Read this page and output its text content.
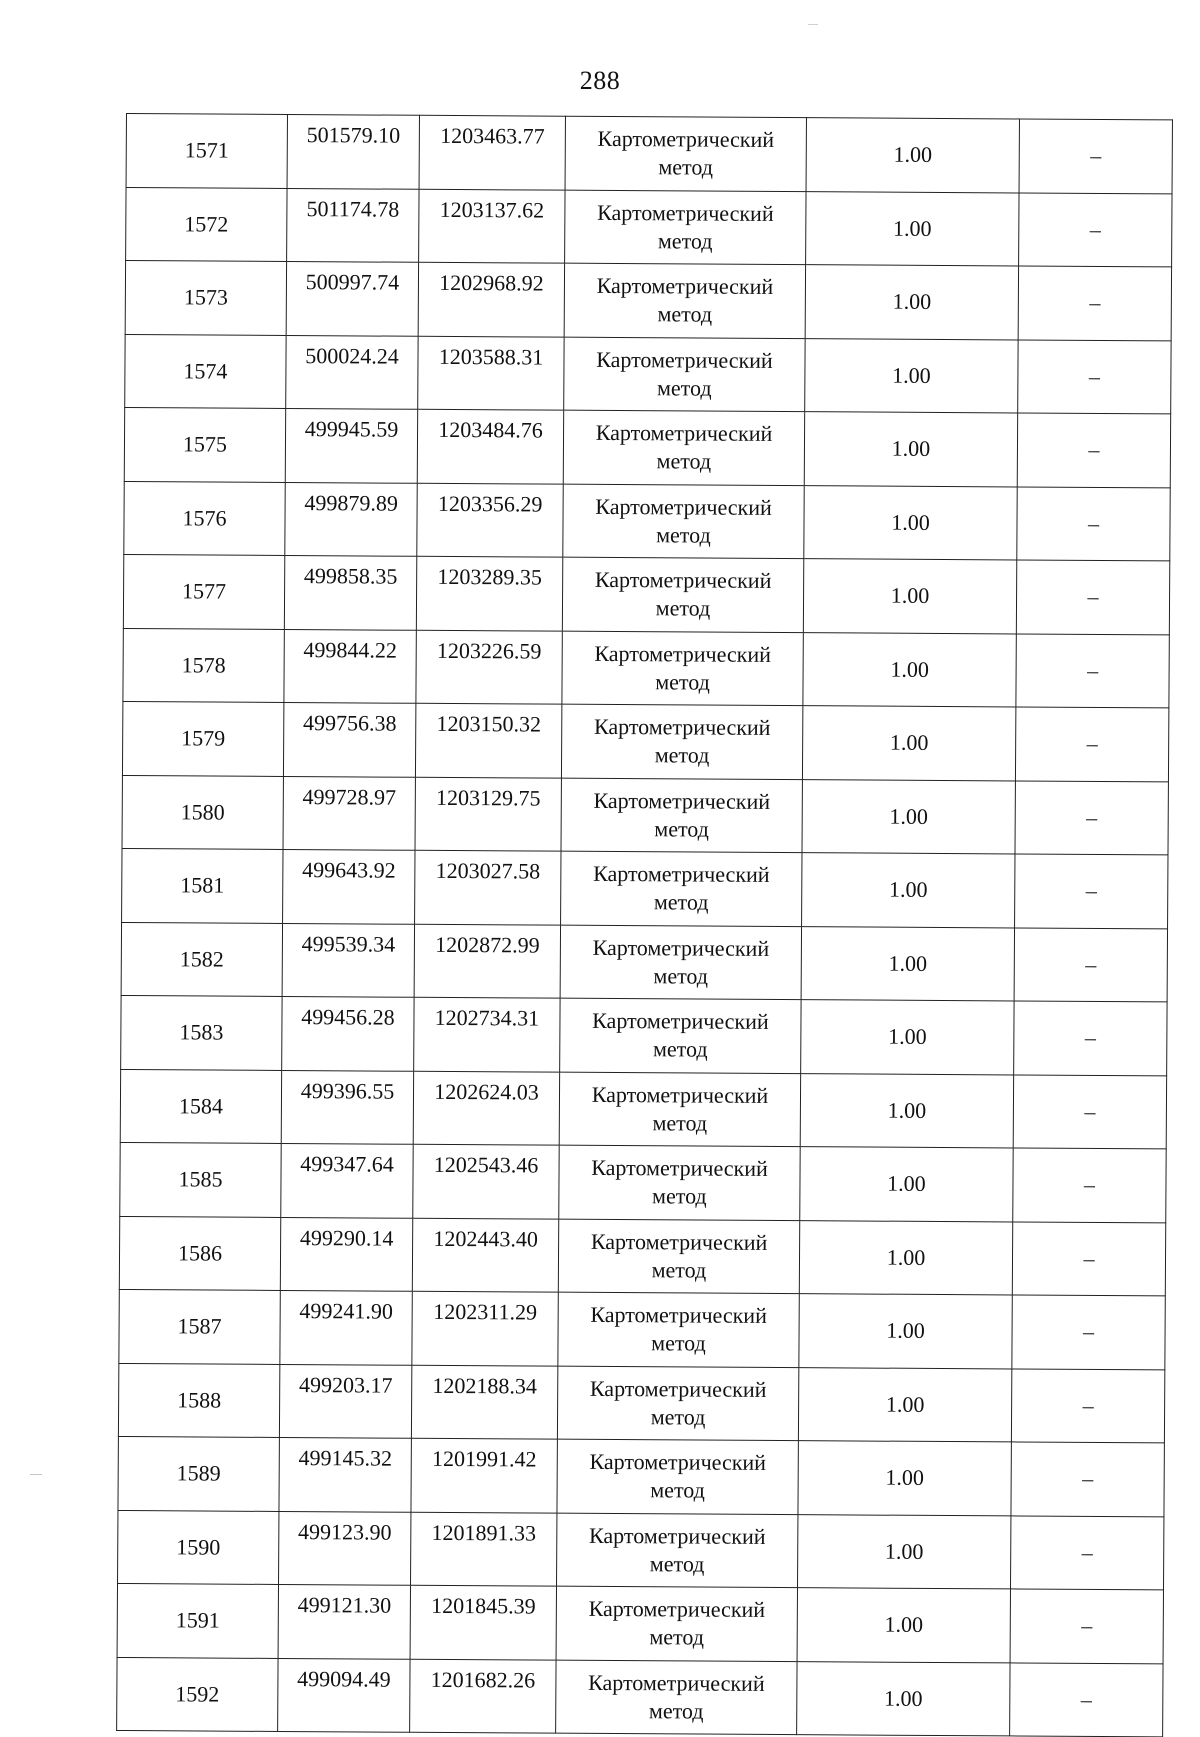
288
1571	501579.10	1203463.77	Картометрический
метод	1.00	–
1572	501174.78	1203137.62	Картометрический
метод	1.00	–
1573	500997.74	1202968.92	Картометрический
метод	1.00	–
1574	500024.24	1203588.31	Картометрический
метод	1.00	–
1575	499945.59	1203484.76	Картометрический
метод	1.00	–
1576	499879.89	1203356.29	Картометрический
метод	1.00	–
1577	499858.35	1203289.35	Картометрический
метод	1.00	–
1578	499844.22	1203226.59	Картометрический
метод	1.00	–
1579	499756.38	1203150.32	Картометрический
метод	1.00	–
1580	499728.97	1203129.75	Картометрический
метод	1.00	–
1581	499643.92	1203027.58	Картометрический
метод	1.00	–
1582	499539.34	1202872.99	Картометрический
метод	1.00	–
1583	499456.28	1202734.31	Картометрический
метод	1.00	–
1584	499396.55	1202624.03	Картометрический
метод	1.00	–
1585	499347.64	1202543.46	Картометрический
метод	1.00	–
1586	499290.14	1202443.40	Картометрический
метод	1.00	–
1587	499241.90	1202311.29	Картометрический
метод	1.00	–
1588	499203.17	1202188.34	Картометрический
метод	1.00	–
1589	499145.32	1201991.42	Картометрический
метод	1.00	–
1590	499123.90	1201891.33	Картометрический
метод	1.00	–
1591	499121.30	1201845.39	Картометрический
метод	1.00	–
1592	499094.49	1201682.26	Картометрический
метод	1.00	–
